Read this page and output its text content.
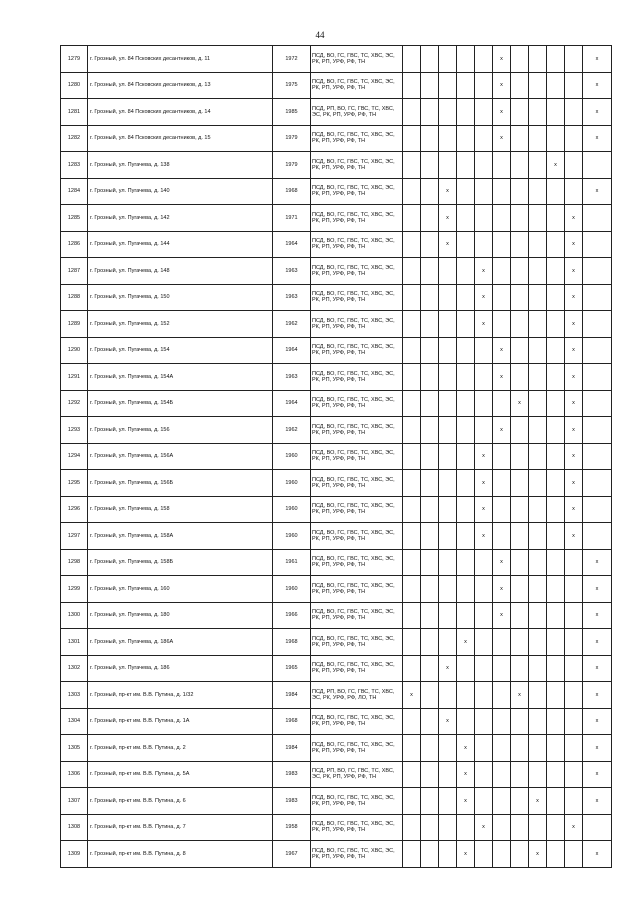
44
1279	г. Грозный, ул. 84 Псковских десантников, д. 11	1972	ПСД, ВО, ГС, ГВС, ТС, ХВС, ЭС, РК, РП, УРФ, РФ, ТН						x					x
1280	г. Грозный, ул. 84 Псковских десантников, д. 13	1975	ПСД, ВО, ГС, ГВС, ТС, ХВС, ЭС, РК, РП, УРФ, РФ, ТН						x					x
1281	г. Грозный, ул. 84 Псковских десантников, д. 14	1985	ПСД, РП, ВО, ГС, ГВС, ТС, ХВС, ЭС, РК, РП, УРФ, РФ, ТН						x					x
1282	г. Грозный, ул. 84 Псковских десантников, д. 15	1979	ПСД, ВО, ГС, ГВС, ТС, ХВС, ЭС, РК, РП, УРФ, РФ, ТН						x					x
1283	г. Грозный, ул. Пугачева, д. 138	1979	ПСД, ВО, ГС, ГВС, ТС, ХВС, ЭС, РК, РП, УРФ, РФ, ТН									x		
1284	г. Грозный, ул. Пугачева, д. 140	1968	ПСД, ВО, ГС, ГВС, ТС, ХВС, ЭС, РК, РП, УРФ, РФ, ТН			x								x
1285	г. Грозный, ул. Пугачева, д. 142	1971	ПСД, ВО, ГС, ГВС, ТС, ХВС, ЭС, РК, РП, УРФ, РФ, ТН			x							x	
1286	г. Грозный, ул. Пугачева, д. 144	1964	ПСД, ВО, ГС, ГВС, ТС, ХВС, ЭС, РК, РП, УРФ, РФ, ТН			x							x	
1287	г. Грозный, ул. Пугачева, д. 148	1963	ПСД, ВО, ГС, ГВС, ТС, ХВС, ЭС, РК, РП, УРФ, РФ, ТН					x					x	
1288	г. Грозный, ул. Пугачева, д. 150	1963	ПСД, ВО, ГС, ГВС, ТС, ХВС, ЭС, РК, РП, УРФ, РФ, ТН					x					x	
1289	г. Грозный, ул. Пугачева, д. 152	1962	ПСД, ВО, ГС, ГВС, ТС, ХВС, ЭС, РК, РП, УРФ, РФ, ТН					x					x	
1290	г. Грозный, ул. Пугачева, д. 154	1964	ПСД, ВО, ГС, ГВС, ТС, ХВС, ЭС, РК, РП, УРФ, РФ, ТН						x				x	
1291	г. Грозный, ул. Пугачева, д. 154А	1963	ПСД, ВО, ГС, ГВС, ТС, ХВС, ЭС, РК, РП, УРФ, РФ, ТН						x				x	
1292	г. Грозный, ул. Пугачева, д. 154Б	1964	ПСД, ВО, ГС, ГВС, ТС, ХВС, ЭС, РК, РП, УРФ, РФ, ТН							x			x	
1293	г. Грозный, ул. Пугачева, д. 156	1962	ПСД, ВО, ГС, ГВС, ТС, ХВС, ЭС, РК, РП, УРФ, РФ, ТН						x				x	
1294	г. Грозный, ул. Пугачева, д. 156А	1960	ПСД, ВО, ГС, ГВС, ТС, ХВС, ЭС, РК, РП, УРФ, РФ, ТН					x					x	
1295	г. Грозный, ул. Пугачева, д. 156Б	1960	ПСД, ВО, ГС, ГВС, ТС, ХВС, ЭС, РК, РП, УРФ, РФ, ТН					x					x	
1296	г. Грозный, ул. Пугачева, д. 158	1960	ПСД, ВО, ГС, ГВС, ТС, ХВС, ЭС, РК, РП, УРФ, РФ, ТН					x					x	
1297	г. Грозный, ул. Пугачева, д. 158А	1960	ПСД, ВО, ГС, ГВС, ТС, ХВС, ЭС, РК, РП, УРФ, РФ, ТН					x					x	
1298	г. Грозный, ул. Пугачева, д. 158Б	1961	ПСД, ВО, ГС, ГВС, ТС, ХВС, ЭС, РК, РП, УРФ, РФ, ТН						x					x
1299	г. Грозный, ул. Пугачева, д. 160	1960	ПСД, ВО, ГС, ГВС, ТС, ХВС, ЭС, РК, РП, УРФ, РФ, ТН						x					x
1300	г. Грозный, ул. Пугачева, д. 180	1966	ПСД, ВО, ГС, ГВС, ТС, ХВС, ЭС, РК, РП, УРФ, РФ, ТН						x					x
1301	г. Грозный, ул. Пугачева, д. 186А	1968	ПСД, ВО, ГС, ГВС, ТС, ХВС, ЭС, РК, РП, УРФ, РФ, ТН				x							x
1302	г. Грозный, ул. Пугачева, д. 186	1965	ПСД, ВО, ГС, ГВС, ТС, ХВС, ЭС, РК, РП, УРФ, РФ, ТН			x								x
1303	г. Грозный, пр-кт им. В.В. Путина, д. 1/32	1984	ПСД, РП, ВО, ГС, ГВС, ТС, ХВС, ЭС, РК, УРФ, РФ, ЛО, ТН	x						x				x
1304	г. Грозный, пр-кт им. В.В. Путина, д. 1А	1968	ПСД, ВО, ГС, ГВС, ТС, ХВС, ЭС, РК, РП, УРФ, РФ, ТН			x								x
1305	г. Грозный, пр-кт им. В.В. Путина, д. 2	1984	ПСД, ВО, ГС, ГВС, ТС, ХВС, ЭС, РК, РП, УРФ, РФ, ТН				x							x
1306	г. Грозный, пр-кт им. В.В. Путина, д. 5А	1983	ПСД, РП, ВО, ГС, ГВС, ТС, ХВС, ЭС, РК, РП, УРФ, РФ, ТН				x							x
1307	г. Грозный, пр-кт им. В.В. Путина, д. 6	1983	ПСД, ВО, ГС, ГВС, ТС, ХВС, ЭС, РК, РП, УРФ, РФ, ТН				x				x			x
1308	г. Грозный, пр-кт им. В.В. Путина, д. 7	1958	ПСД, ВО, ГС, ГВС, ТС, ХВС, ЭС, РК, РП, УРФ, РФ, ТН					x					x	
1309	г. Грозный, пр-кт им. В.В. Путина, д. 8	1967	ПСД, ВО, ГС, ГВС, ТС, ХВС, ЭС, РК, РП, УРФ, РФ, ТН				x				x			x
